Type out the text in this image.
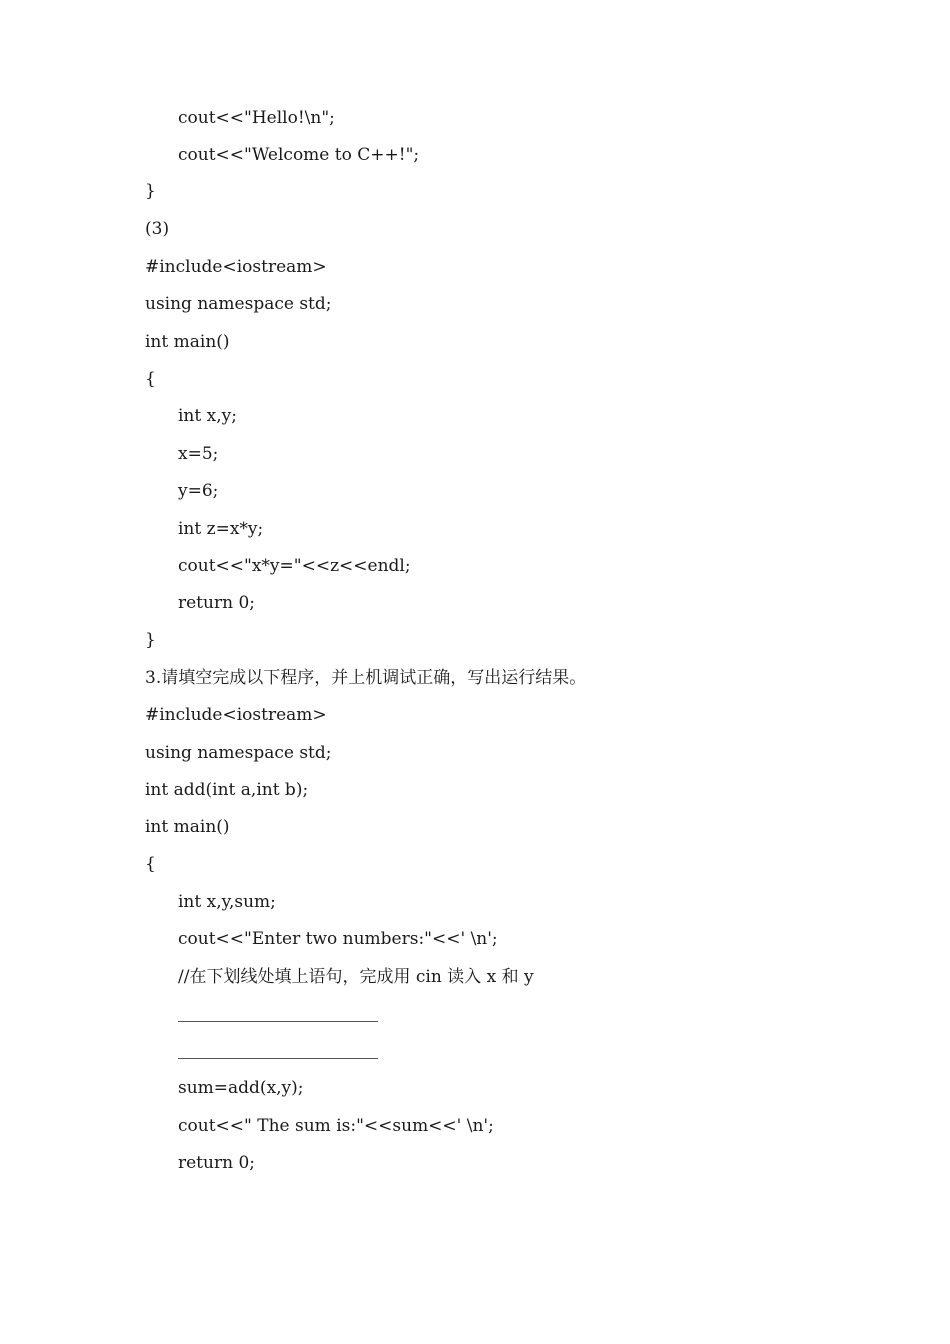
cout<<"Hello!\n";
cout<<"Welcome to C++!";
}
(3)
#include<iostream>
using namespace std;
int main()
{
int x,y;
x=5;
y=6;
int z=x*y;
cout<<"x*y="<<z<<endl;
return 0;
}
3.请填空完成以下程序，并上机调试正确，写出运行结果。
#include<iostream>
using namespace std;
int add(int a,int b);
int main()
{
int x,y,sum;
cout<<"Enter two numbers:"<<' \n';
//在下划线处填上语句，完成用 cin 读入 x 和 y
sum=add(x,y);
cout<<" The sum is:"<<sum<<' \n';
return 0;
